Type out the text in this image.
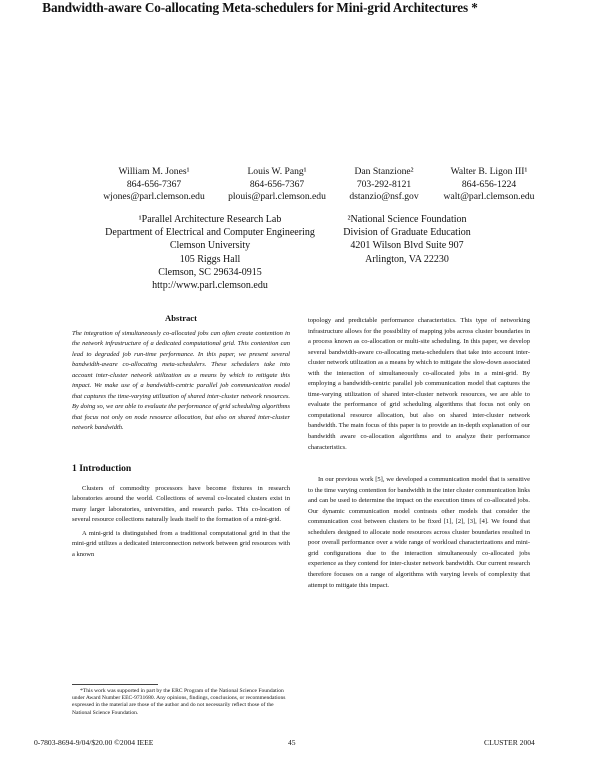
Bandwidth-aware Co-allocating Meta-schedulers for Mini-grid Architectures *
William M. Jones¹
864-656-7367
wjones@parl.clemson.edu
Louis W. Pang¹
864-656-7367
plouis@parl.clemson.edu
Dan Stanzione²
703-292-8121
dstanzio@nsf.gov
Walter B. Ligon III¹
864-656-1224
walt@parl.clemson.edu
¹Parallel Architecture Research Lab
Department of Electrical and Computer Engineering
Clemson University
105 Riggs Hall
Clemson, SC 29634-0915
http://www.parl.clemson.edu
²National Science Foundation
Division of Graduate Education
4201 Wilson Blvd Suite 907
Arlington, VA 22230
Abstract

The integration of simultaneously co-allocated jobs can often create contention in the network infrastructure of a dedicated computational grid. This contention can lead to degraded job run-time performance. In this paper, we present several bandwidth-aware co-allocating meta-schedulers. These schedulers take into account inter-cluster network utilization as a means by which to mitigate this impact. We make use of a bandwidth-centric parallel job communication model that captures the time-varying utilization of shared inter-cluster network resources. By doing so, we are able to evaluate the performance of grid scheduling algorithms that focus not only on node resource allocation, but also on shared inter-cluster network bandwidth.

1 Introduction

Clusters of commodity processors have become fixtures in research laboratories around the world. Collections of several co-located clusters exist in many larger laboratories, universities, and research parks. This co-location of several resource collections naturally leads itself to the formation of a mini-grid.

A mini-grid is distinguished from a traditional computational grid in that the mini-grid utilizes a dedicated interconnection network between grid resources with a known

*This work was supported in part by the ERC Program of the National Science Foundation under Award Number EEC-9731680. Any opinions, findings, conclusions, or recommendations expressed in the material are those of the author and do not necessarily reflect those of the National Science Foundation.

topology and predictable performance characteristics. This type of networking infrastructure allows for the possibility of mapping jobs across cluster boundaries in a process known as co-allocation or multi-site scheduling. In this paper, we develop several bandwidth-aware co-allocating meta-schedulers that take into account inter-cluster network utilization as a means by which to mitigate the slow-down associated with the interaction of simultaneously co-allocated jobs in a mini-grid. By employing a bandwidth-centric parallel job communication model that captures the time-varying utilization of shared inter-cluster network resources, we are able to evaluate the performance of grid scheduling algorithms that focus not only on computational resource allocation, but also on shared inter-cluster network bandwidth. The main focus of this paper is to provide an in-depth explanation of our bandwidth aware co-allocation algorithms and to analyze their performance characteristics.

In our previous work [5], we developed a communication model that is sensitive to the time varying contention for bandwidth in the inter cluster communication links and can be used to determine the impact on the execution times of co-allocated jobs. Our dynamic communication model contrasts other models that consider the communication cost between clusters to be fixed [1], [2], [3], [4]. We found that schedulers designed to allocate node resources across cluster boundaries resulted in poor overall performance over a wide range of workload characterizations and mini-grid configurations due to the interaction simultaneously co-allocated jobs experience as they contend for inter-cluster network bandwidth. Our current research therefore focuses on a range of algorithms with varying levels of complexity that attempt to mitigate this impact.

0-7803-8694-9/04/$20.00 ©2004 IEEE	45	CLUSTER 2004
